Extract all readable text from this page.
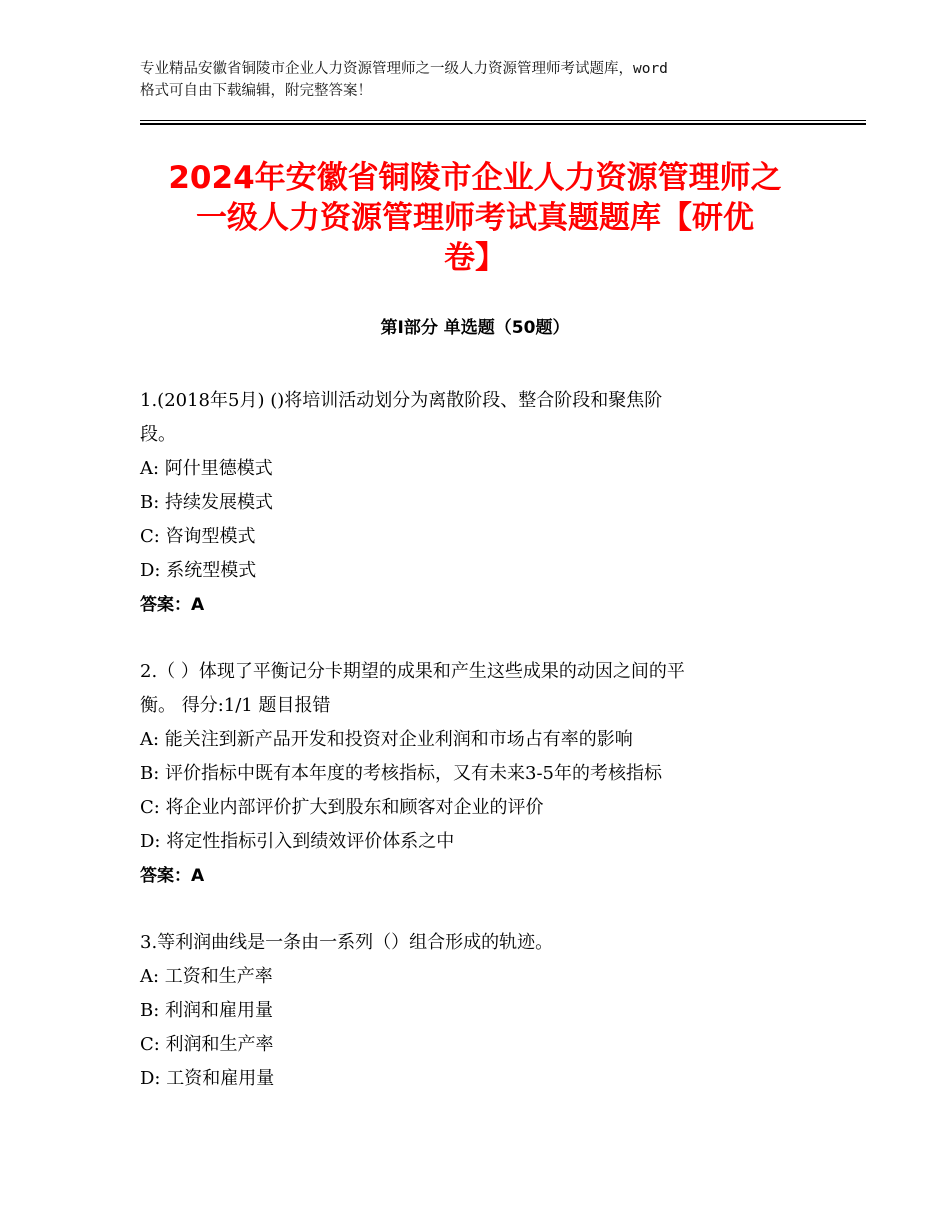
专业精品安徽省铜陵市企业人力资源管理师之一级人力资源管理师考试题库，word
格式可自由下载编辑，附完整答案！
2024年安徽省铜陵市企业人力资源管理师之
一级人力资源管理师考试真题题库【研优
卷】
第Ⅰ部分 单选题（50题）
1.(2018年5月) ()将培训活动划分为离散阶段、整合阶段和聚焦阶
段。
A: 阿什里德模式
B: 持续发展模式
C: 咨询型模式
D: 系统型模式
答案：A
2.（ ）体现了平衡记分卡期望的成果和产生这些成果的动因之间的平
衡。 得分:1/1 题目报错
A: 能关注到新产品开发和投资对企业利润和市场占有率的影响
B: 评价指标中既有本年度的考核指标，又有未来3-5年的考核指标
C: 将企业内部评价扩大到股东和顾客对企业的评价
D: 将定性指标引入到绩效评价体系之中
答案：A
3.等利润曲线是一条由一系列（）组合形成的轨迹。
A: 工资和生产率
B: 利润和雇用量
C: 利润和生产率
D: 工资和雇用量
